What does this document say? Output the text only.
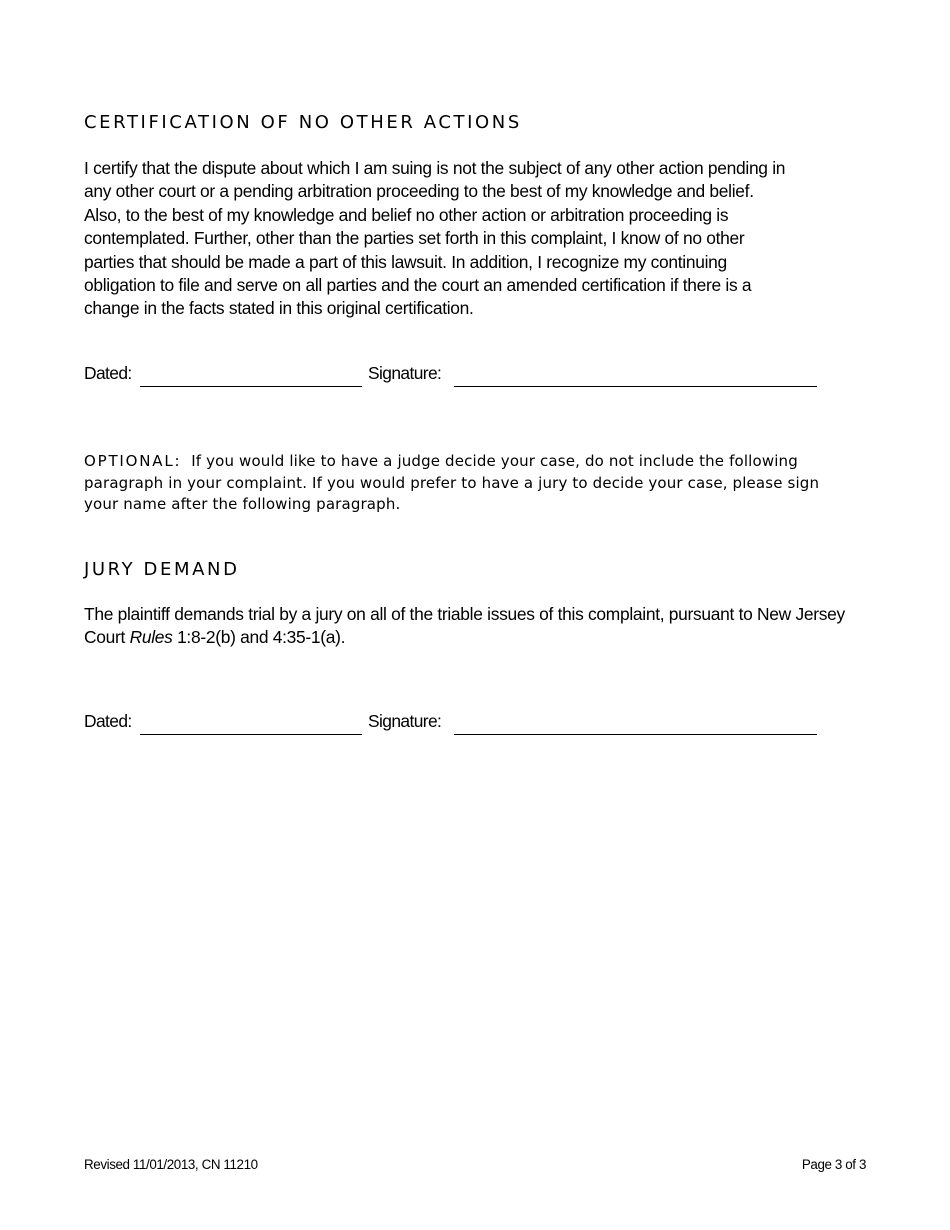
CERTIFICATION OF NO OTHER ACTIONS

I certify that the dispute about which I am suing is not the subject of any other action pending in
any other court or a pending arbitration proceeding to the best of my knowledge and belief.
Also, to the best of my knowledge and belief no other action or arbitration proceeding is
contemplated. Further, other than the parties set forth in this complaint, I know of no other
parties that should be made a part of this lawsuit. In addition, I recognize my continuing
obligation to file and serve on all parties and the court an amended certification if there is a
change in the facts stated in this original certification.

Dated:	Signature:

OPTIONAL: If you would like to have a judge decide your case, do not include the following
paragraph in your complaint. If you would prefer to have a jury to decide your case, please sign
your name after the following paragraph.

JURY DEMAND

The plaintiff demands trial by a jury on all of the triable issues of this complaint, pursuant to New Jersey
Court Rules 1:8-2(b) and 4:35-1(a).

Dated:	Signature:
Revised 11/01/2013, CN 11210	Page 3 of 3
